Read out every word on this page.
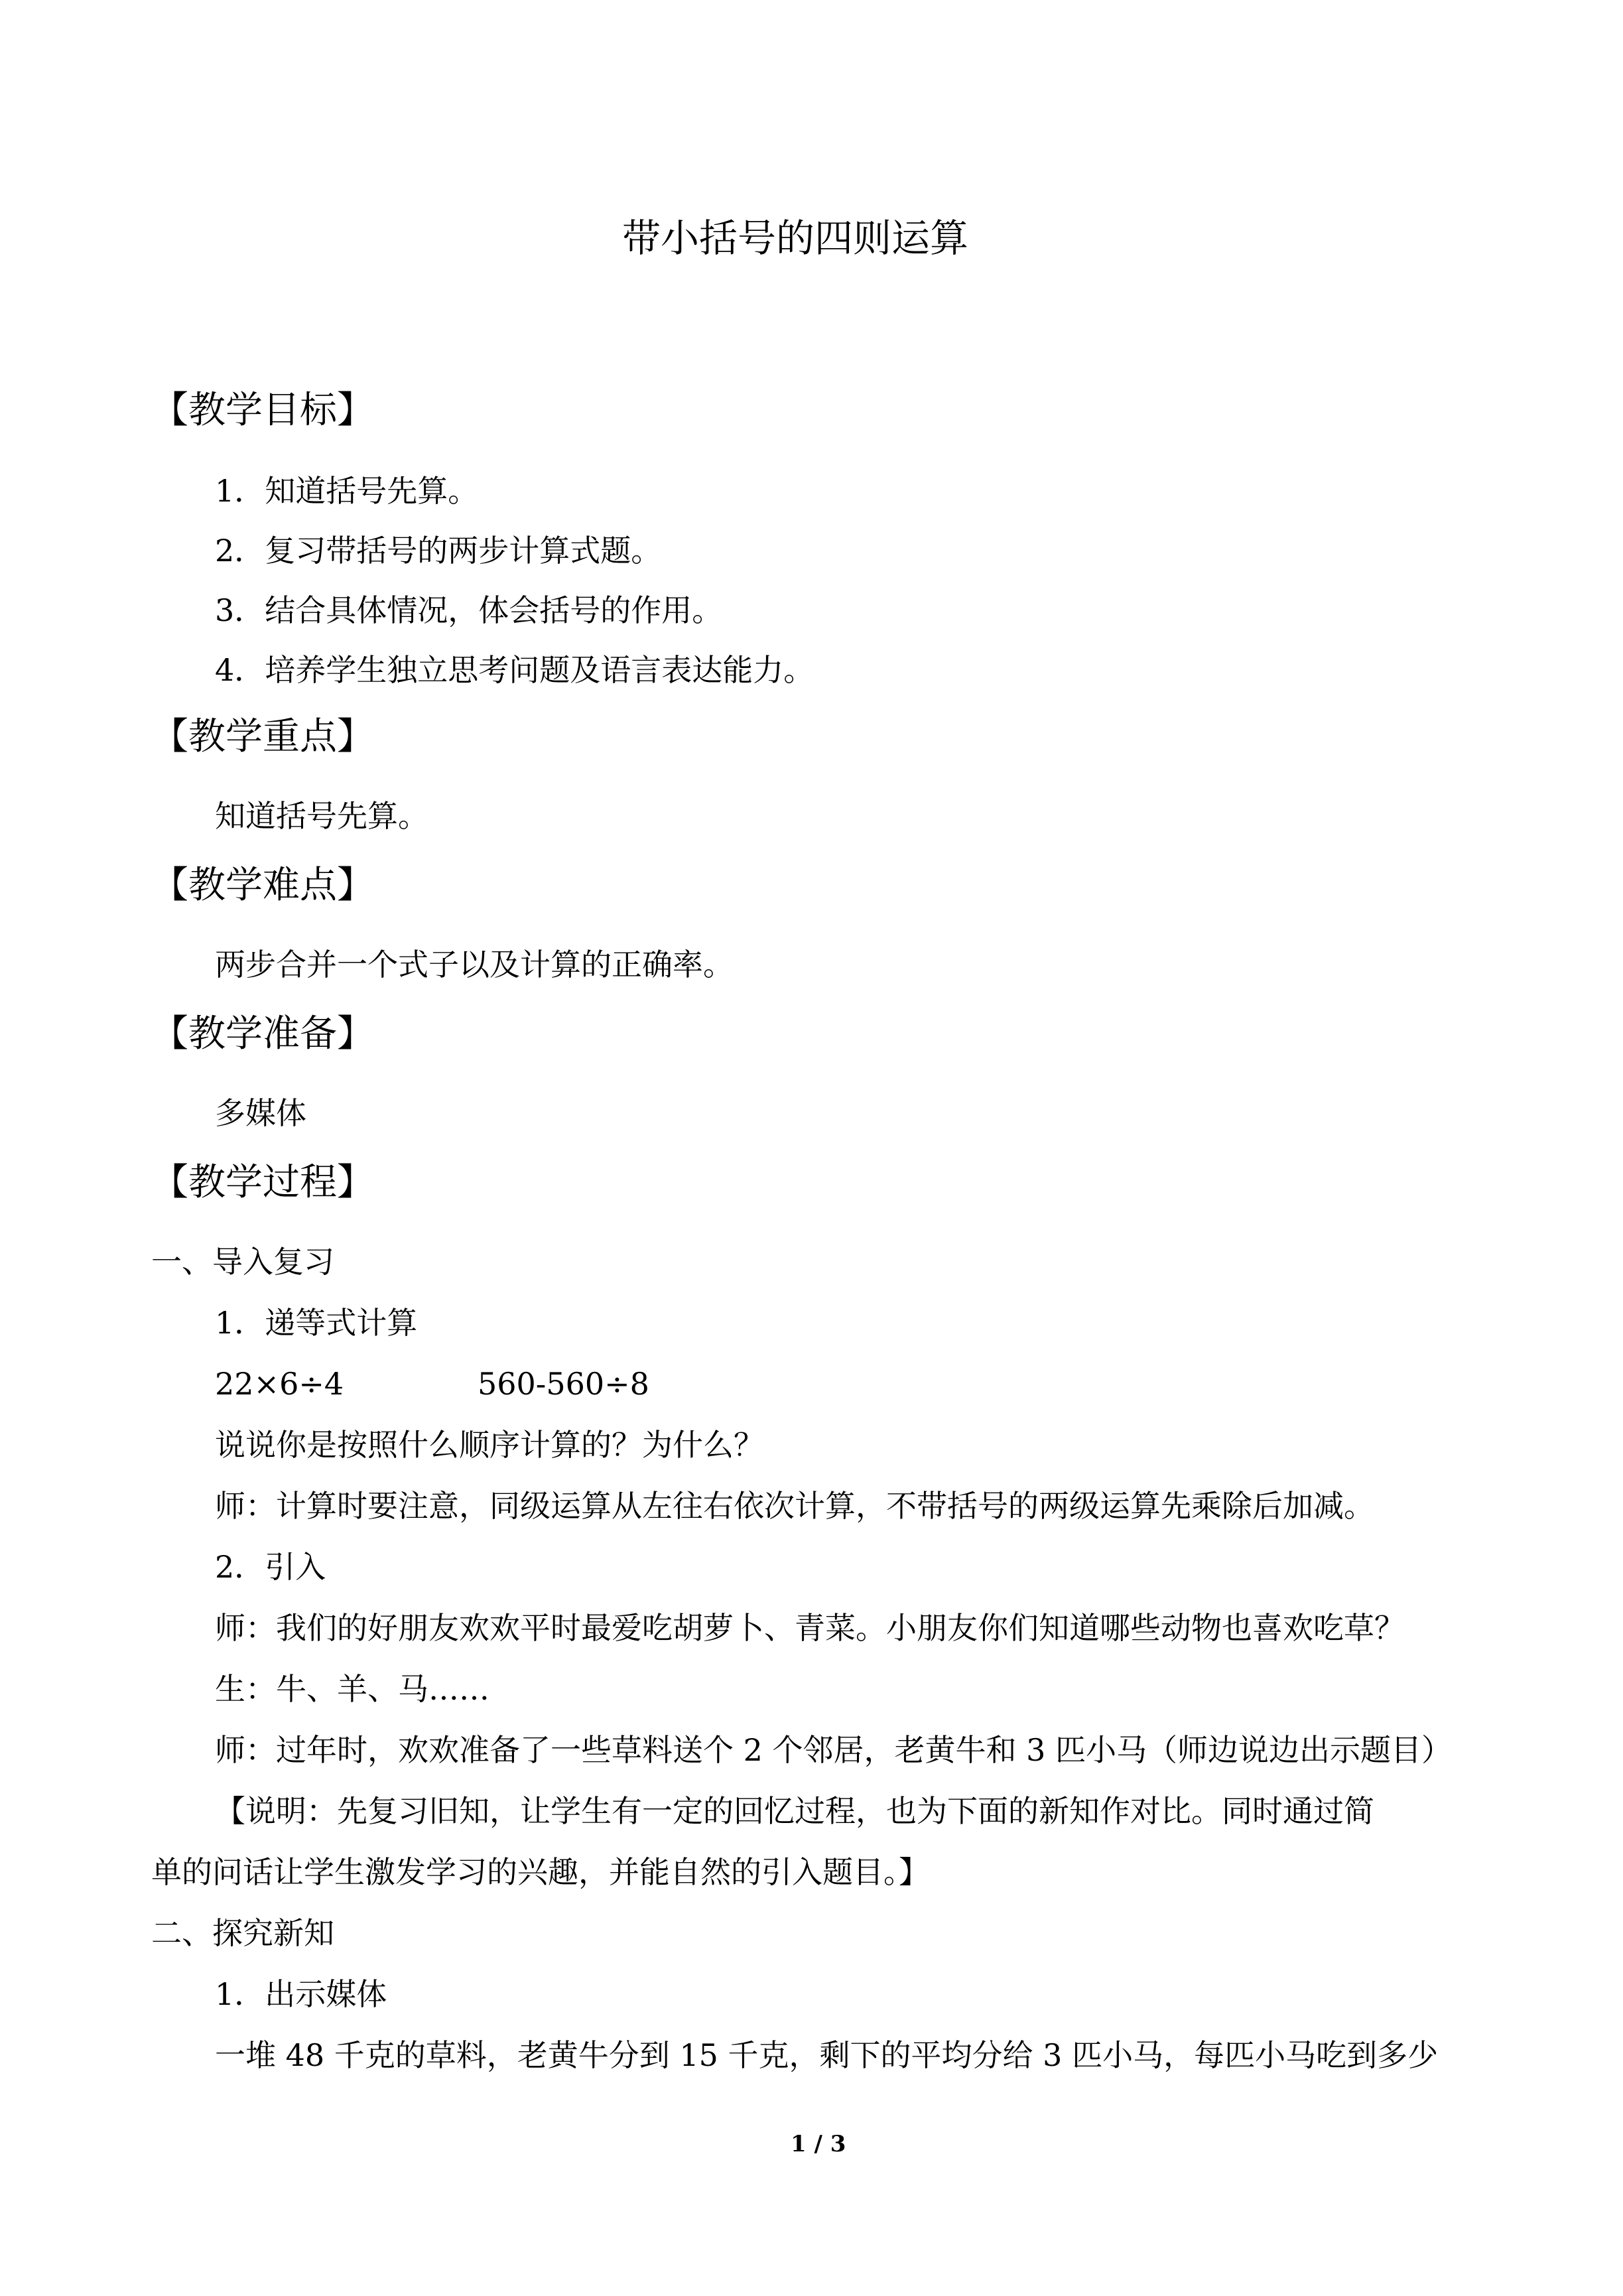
带小括号的四则运算
【教学目标】
1．知道括号先算。
2．复习带括号的两步计算式题。
3．结合具体情况，体会括号的作用。
4．培养学生独立思考问题及语言表达能力。
【教学重点】
知道括号先算。
【教学难点】
两步合并一个式子以及计算的正确率。
【教学准备】
多媒体
【教学过程】
一、导入复习
1．递等式计算
22×6÷4	560-560÷8
说说你是按照什么顺序计算的？为什么？
师：计算时要注意，同级运算从左往右依次计算，不带括号的两级运算先乘除后加减。
2．引入
师：我们的好朋友欢欢平时最爱吃胡萝卜、青菜。小朋友你们知道哪些动物也喜欢吃草？
生：牛、羊、马……
师：过年时，欢欢准备了一些草料送个 2 个邻居，老黄牛和 3 匹小马（师边说边出示题目）
【说明：先复习旧知，让学生有一定的回忆过程，也为下面的新知作对比。同时通过简
单的问话让学生激发学习的兴趣，并能自然的引入题目。】
二、探究新知
1．出示媒体
一堆 48 千克的草料，老黄牛分到 15 千克，剩下的平均分给 3 匹小马，每匹小马吃到多少
1 / 3
